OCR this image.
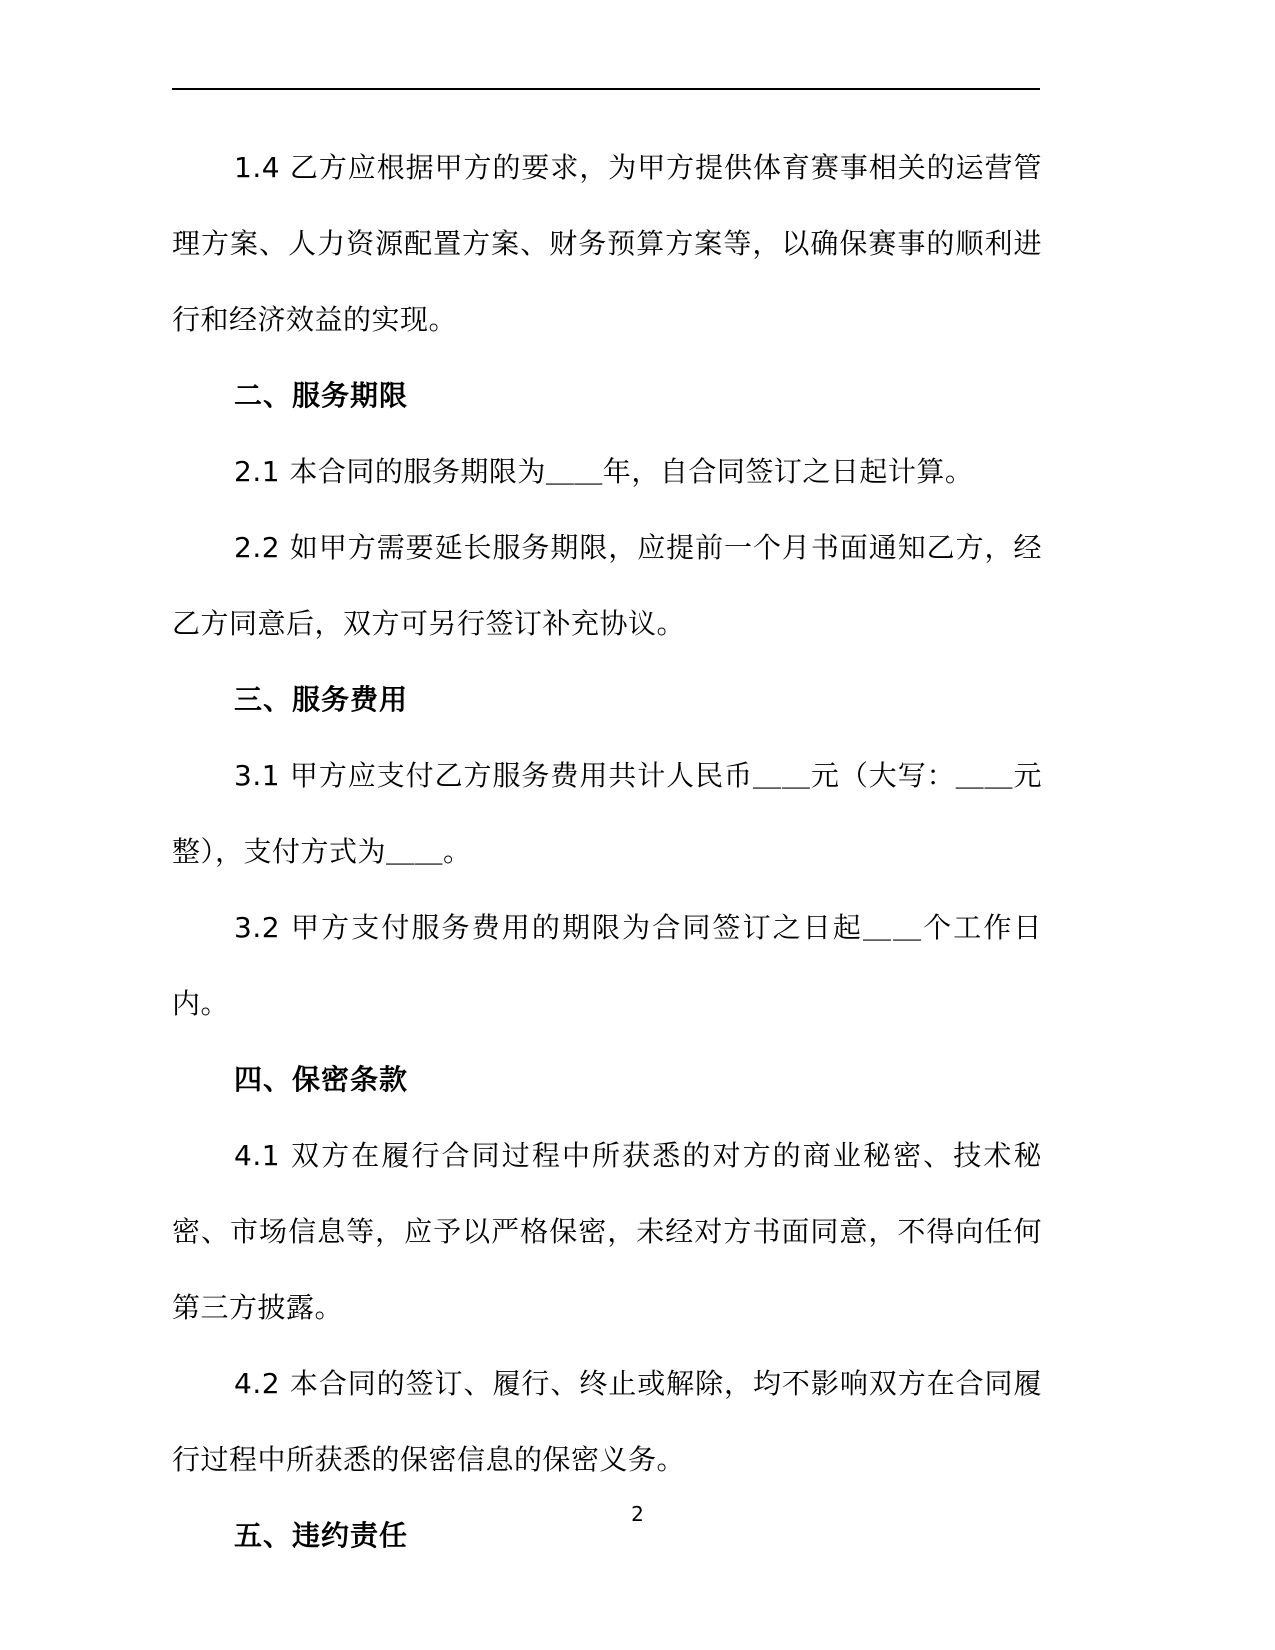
1.4 乙方应根据甲方的要求，为甲方提供体育赛事相关的运营管理方案、人力资源配置方案、财务预算方案等，以确保赛事的顺利进行和经济效益的实现。

二、服务期限

2.1 本合同的服务期限为＿＿年，自合同签订之日起计算。

2.2 如甲方需要延长服务期限，应提前一个月书面通知乙方，经乙方同意后，双方可另行签订补充协议。

三、服务费用

3.1 甲方应支付乙方服务费用共计人民币＿＿元（大写：＿＿元整），支付方式为＿＿。

3.2 甲方支付服务费用的期限为合同签订之日起＿＿个工作日内。

四、保密条款

4.1 双方在履行合同过程中所获悉的对方的商业秘密、技术秘密、市场信息等，应予以严格保密，未经对方书面同意，不得向任何第三方披露。

4.2 本合同的签订、履行、终止或解除，均不影响双方在合同履行过程中所获悉的保密信息的保密义务。

五、违约责任

2
